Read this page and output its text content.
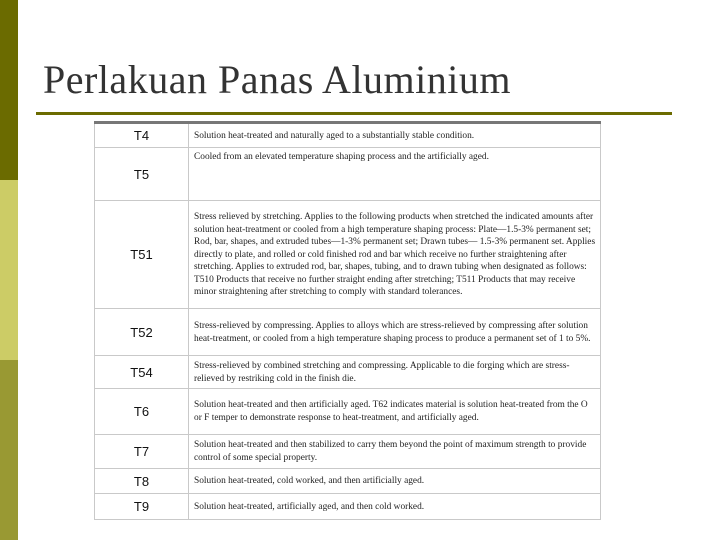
Perlakuan Panas Aluminium
T4	Solution heat-treated and naturally aged to a substantially stable condition.
T5	Cooled from an elevated temperature shaping process and the artificially aged.
T51	Stress relieved by stretching. Applies to the following products when stretched the indicated amounts after solution heat-treatment or cooled from a high temperature shaping process: Plate—1.5-3% permanent set; Rod, bar, shapes, and extruded tubes—1-3% permanent set; Drawn tubes— 1.5-3% permanent set. Applies directly to plate, and rolled or cold finished rod and bar which receive no further straightening after stretching. Applies to extruded rod, bar, shapes, tubing, and to drawn tubing when designated as follows: T510 Products that receive no further straight ending after stretching; T511 Products that may receive minor straightening after stretching to comply with standard tolerances.
T52	Stress-relieved by compressing. Applies to alloys which are stress-relieved by compressing after solution heat-treatment, or cooled from a high temperature shaping process to produce a permanent set of 1 to 5%.
T54	Stress-relieved by combined stretching and compressing. Applicable to die forging which are stress-relieved by restriking cold in the finish die.
T6	Solution heat-treated and then artificially aged. T62 indicates material is solution heat-treated from the O or F temper to demonstrate response to heat-treatment, and artificially aged.
T7	Solution heat-treated and then stabilized to carry them beyond the point of maximum strength to provide control of some special property.
T8	Solution heat-treated, cold worked, and then artificially aged.
T9	Solution heat-treated, artificially aged, and then cold worked.
